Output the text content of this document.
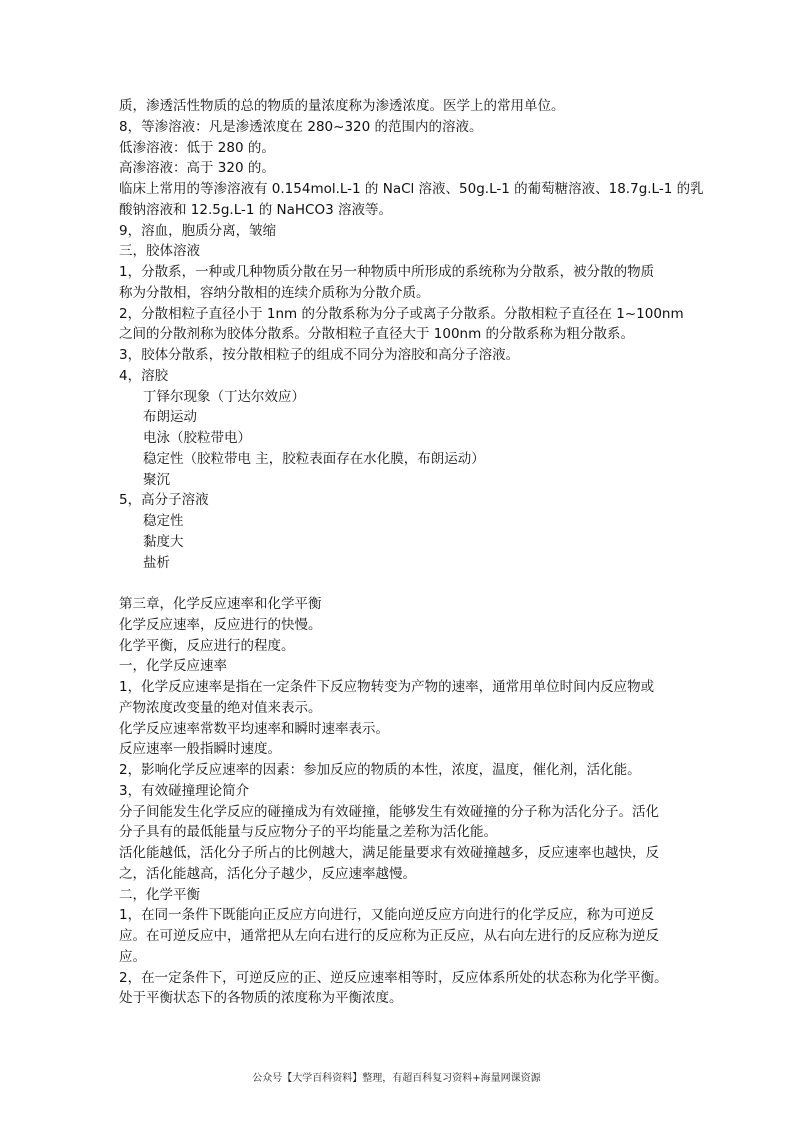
质，渗透活性物质的总的物质的量浓度称为渗透浓度。医学上的常用单位。
8，等渗溶液：凡是渗透浓度在 280~320 的范围内的溶液。
低渗溶液：低于 280 的。
高渗溶液：高于 320 的。
临床上常用的等渗溶液有 0.154mol.L-1 的 NaCl 溶液、50g.L-1 的葡萄糖溶液、18.7g.L-1 的乳
酸钠溶液和 12.5g.L-1 的 NaHCO3 溶液等。
9，溶血，胞质分离，皱缩
三，胶体溶液
1，分散系，一种或几种物质分散在另一种物质中所形成的系统称为分散系，被分散的物质
称为分散相，容纳分散相的连续介质称为分散介质。
2，分散相粒子直径小于 1nm 的分散系称为分子或离子分散系。分散相粒子直径在 1~100nm
之间的分散剂称为胶体分散系。分散相粒子直径大于 100nm 的分散系称为粗分散系。
3，胶体分散系，按分散相粒子的组成不同分为溶胶和高分子溶液。
4，溶胶
丁铎尔现象（丁达尔效应）
布朗运动
电泳（胶粒带电）
稳定性（胶粒带电 主，胶粒表面存在水化膜，布朗运动）
聚沉
5，高分子溶液
稳定性
黏度大
盐析
第三章，化学反应速率和化学平衡
化学反应速率，反应进行的快慢。
化学平衡，反应进行的程度。
一，化学反应速率
1，化学反应速率是指在一定条件下反应物转变为产物的速率，通常用单位时间内反应物或
产物浓度改变量的绝对值来表示。
化学反应速率常数平均速率和瞬时速率表示。
反应速率一般指瞬时速度。
2，影响化学反应速率的因素：参加反应的物质的本性，浓度，温度，催化剂，活化能。
3，有效碰撞理论简介
分子间能发生化学反应的碰撞成为有效碰撞，能够发生有效碰撞的分子称为活化分子。活化
分子具有的最低能量与反应物分子的平均能量之差称为活化能。
活化能越低，活化分子所占的比例越大，满足能量要求有效碰撞越多，反应速率也越快，反
之，活化能越高，活化分子越少，反应速率越慢。
二，化学平衡
1，在同一条件下既能向正反应方向进行，又能向逆反应方向进行的化学反应，称为可逆反
应。在可逆反应中，通常把从左向右进行的反应称为正反应，从右向左进行的反应称为逆反
应。
2，在一定条件下，可逆反应的正、逆反应速率相等时，反应体系所处的状态称为化学平衡。
处于平衡状态下的各物质的浓度称为平衡浓度。
公众号【大学百科资料】整理，有超百科复习资料+海量网课资源
